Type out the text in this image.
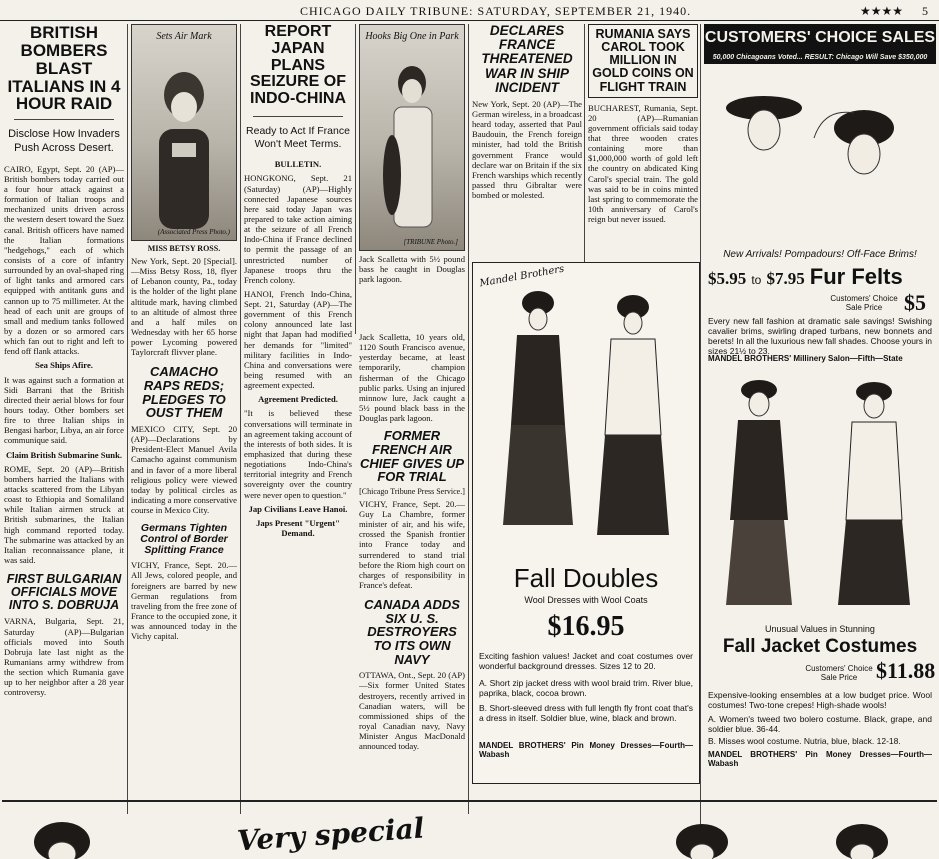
CHICAGO DAILY TRIBUNE: SATURDAY, SEPTEMBER 21, 1940.	★★★★ 5
BRITISH BOMBERS BLAST ITALIANS IN 4 HOUR RAID

Disclose How Invaders Push Across Desert.

CAIRO, Egypt, Sept. 20 (AP)—British bombers today carried out a four hour attack against a formation of Italian troops and mechanized units driven across the western desert toward the Suez canal. British officers have named the Italian formations "hedgehogs," each of which consists of a core of infantry surrounded by an oval-shaped ring of light tanks and armored cars equipped with antitank guns and cannon up to 75 millimeter. At the head of each unit are groups of small and medium tanks followed by a dozen or so armored cars which fan out to right and left to fend off flank attacks.

Sea Ships Afire.

It was against such a formation at Sidi Barrani that the British directed their aerial blows for four hours today. Other bombers set fire to three Italian ships in Bengasi harbor, Libya, an air force communique said.

Claim British Submarine Sunk.

ROME, Sept. 20 (AP)—British bombers harried the Italians with attacks scattered from the Libyan coast to Ethiopia and Somaliland while Italian airmen struck at British submarines, the Italian high command reported today. The submarine was attacked by an Italian reconnaissance plane, it was said.

FIRST BULGARIAN OFFICIALS MOVE INTO S. DOBRUJA

VARNA, Bulgaria, Sept. 21, Saturday (AP)—Bulgarian officials moved into South Dobruja late last night as the Rumanians army withdrew from the section which Rumania gave up to her neighbor after a 28 year controversy.

Sets Air Mark
(Associated Press Photo.)

MISS BETSY ROSS.

New York, Sept. 20 [Special].—Miss Betsy Ross, 18, flyer of Lebanon county, Pa., today is the holder of the light plane altitude mark, having climbed to an altitude of almost three and a half miles on Wednesday with her 65 horse power Lycoming powered Taylorcraft flivver plane.

CAMACHO RAPS REDS; PLEDGES TO OUST THEM

MEXICO CITY, Sept. 20 (AP)—Declarations by President-Elect Manuel Avila Camacho against communism and in favor of a more liberal religious policy were viewed today by political circles as indicating a more conservative course in Mexico City.

Germans Tighten Control of Border Splitting France

VICHY, France, Sept. 20.—All Jews, colored people, and foreigners are barred by new German regulations from traveling from the free zone of France to the occupied zone, it was announced today in the Vichy capital.

REPORT JAPAN PLANS SEIZURE OF INDO-CHINA

Ready to Act If France Won't Meet Terms.

BULLETIN.

HONGKONG, Sept. 21 (Saturday) (AP)—Highly connected Japanese sources here said today Japan was prepared to take action aiming at the seizure of all French Indo-China if France declined to permit the passage of an unrestricted number of Japanese troops thru the French colony.

HANOI, French Indo-China, Sept. 21, Saturday (AP)—The government of this French colony announced late last night that Japan had modified her demands for "limited" military facilities in Indo-China and conversations were being resumed with an agreement expected.

Agreement Predicted.

"It is believed these conversations will terminate in an agreement taking account of the interests of both sides. It is emphasized that during these negotiations Indo-China's territorial integrity and French sovereignty over the country were never open to question."

Jap Civilians Leave Hanoi.

Japs Present "Urgent" Demand.

Hooks Big One in Park
[TRIBUNE Photo.]

Jack Scalletta with 5½ pound bass he caught in Douglas park lagoon.

DECLARES FRANCE THREATENED WAR IN SHIP INCIDENT

New York, Sept. 20 (AP)—The German wireless, in a broadcast heard today, asserted that Paul Baudouin, the French foreign minister, had told the British government France would declare war on Britain if the six French warships which recently passed thru Gibraltar were bombed or molested.

RUMANIA SAYS CAROL TOOK MILLION IN GOLD COINS ON FLIGHT TRAIN

BUCHAREST, Rumania, Sept. 20 (AP)—Rumanian government officials said today that three wooden crates containing more than $1,000,000 worth of gold left the country on abdicated King Carol's special train. The gold was said to be in coins minted last spring to commemorate the 10th anniversary of Carol's reign but never issued.

Jack Scalletta, 10 years old, 1120 South Francisco avenue, yesterday became, at least temporarily, champion fisherman of the Chicago public parks. Using an injured minnow lure, Jack caught a 5½ pound black bass in the Douglas park lagoon.

FORMER FRENCH AIR CHIEF GIVES UP FOR TRIAL

[Chicago Tribune Press Service.]

VICHY, France, Sept. 20.—Guy La Chambre, former minister of air, and his wife, crossed the Spanish frontier into France today and surrendered to stand trial before the Riom high court on charges of responsibility in France's defeat.

CANADA ADDS SIX U. S. DESTROYERS TO ITS OWN NAVY

OTTAWA, Ont., Sept. 20 (AP)—Six former United States destroyers, recently arrived in Canadian waters, will be commissioned ships of the royal Canadian navy, Navy Minister Angus MacDonald announced today.

Mandel Brothers
Fall Doubles
Wool Dresses with Wool Coats
$16.95

Exciting fashion values! Jacket and coat costumes over wonderful background dresses. Sizes 12 to 20.

A. Short zip jacket dress with wool braid trim. River blue, paprika, black, cocoa brown.

B. Short-sleeved dress with full length fly front coat that's a dress in itself. Soldier blue, wine, black and brown.

MANDEL BROTHERS' Pin Money Dresses—Fourth—Wabash

CUSTOMERS' CHOICE SALES
50,000 Chicagoans Voted... RESULT: Chicago Will Save $350,000
New Arrivals! Pompadours! Off-Face Brims!
$5.95 to $7.95 Fur Felts
Customers' Choice Sale Price $5

Every new fall fashion at dramatic sale savings! Swishing cavalier brims, swirling draped turbans, new bonnets and berets! In all the luxurious new fall shades. Choose yours in sizes 21½ to 23.

MANDEL BROTHERS' Millinery Salon—Fifth—State

Unusual Values in Stunning
Fall Jacket Costumes
Customers' Choice Sale Price $11.88

Expensive-looking ensembles at a low budget price. Wool costumes! Two-tone crepes! High-shade wools!

A. Women's tweed two bolero costume. Black, grape, and soldier blue. 36-44.

B. Misses wool costume. Nutria, blue, black. 12-18.

MANDEL BROTHERS' Pin Money Dresses—Fourth—Wabash

Very special
